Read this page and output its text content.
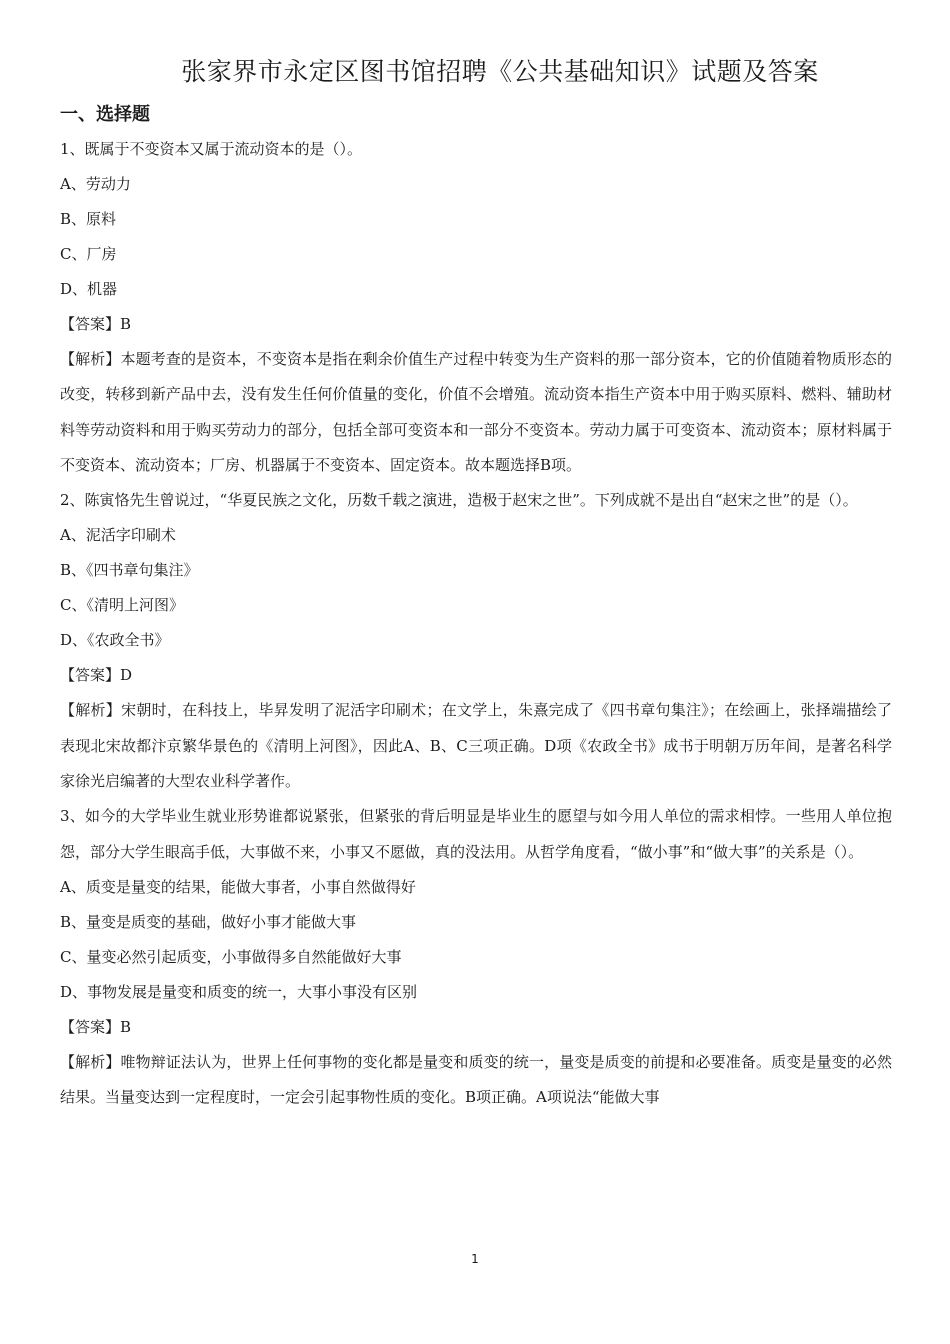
张家界市永定区图书馆招聘《公共基础知识》试题及答案
一、选择题
1、既属于不变资本又属于流动资本的是（）。
A、劳动力
B、原料
C、厂房
D、机器
【答案】B
【解析】本题考查的是资本，不变资本是指在剩余价值生产过程中转变为生产资料的那一部分资本，它的价值随着物质形态的改变，转移到新产品中去，没有发生任何价值量的变化，价值不会增殖。流动资本指生产资本中用于购买原料、燃料、辅助材料等劳动资料和用于购买劳动力的部分，包括全部可变资本和一部分不变资本。劳动力属于可变资本、流动资本；原材料属于不变资本、流动资本；厂房、机器属于不变资本、固定资本。故本题选择B项。
2、陈寅恪先生曾说过，“华夏民族之文化，历数千载之演进，造极于赵宋之世”。下列成就不是出自“赵宋之世”的是（）。
A、泥活字印刷术
B、《四书章句集注》
C、《清明上河图》
D、《农政全书》
【答案】D
【解析】宋朝时，在科技上，毕昇发明了泥活字印刷术；在文学上，朱熹完成了《四书章句集注》；在绘画上，张择端描绘了表现北宋故都汴京繁华景色的《清明上河图》，因此A、B、C三项正确。D项《农政全书》成书于明朝万历年间，是著名科学家徐光启编著的大型农业科学著作。
3、如今的大学毕业生就业形势谁都说紧张，但紧张的背后明显是毕业生的愿望与如今用人单位的需求相悖。一些用人单位抱怨，部分大学生眼高手低，大事做不来，小事又不愿做，真的没法用。从哲学角度看，“做小事”和“做大事”的关系是（）。
A、质变是量变的结果，能做大事者，小事自然做得好
B、量变是质变的基础，做好小事才能做大事
C、量变必然引起质变，小事做得多自然能做好大事
D、事物发展是量变和质变的统一，大事小事没有区别
【答案】B
【解析】唯物辩证法认为，世界上任何事物的变化都是量变和质变的统一，量变是质变的前提和必要准备。质变是量变的必然结果。当量变达到一定程度时，一定会引起事物性质的变化。B项正确。A项说法“能做大事
1
